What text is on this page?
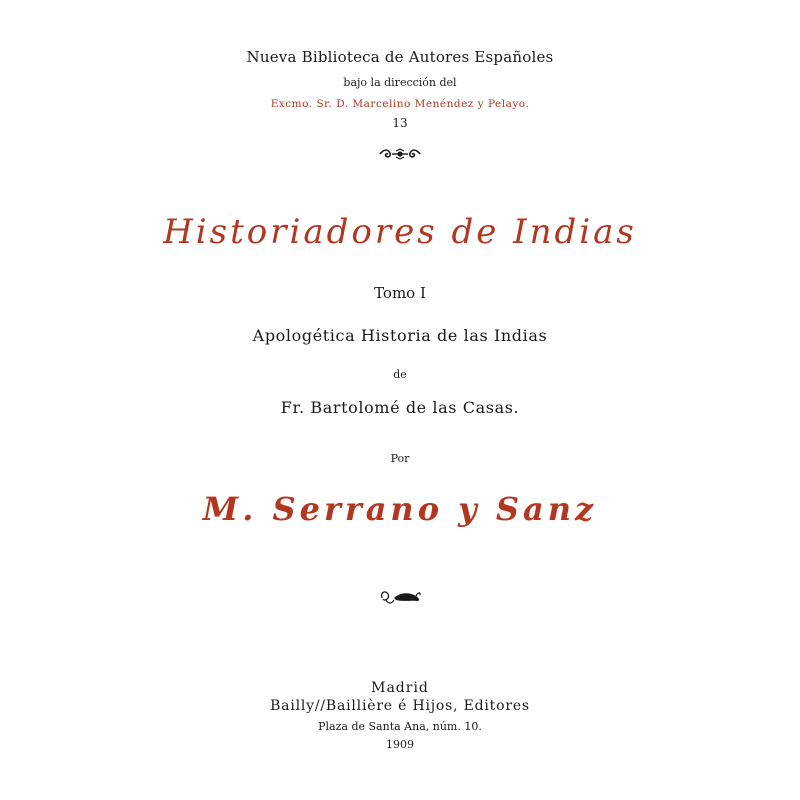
Nueva Biblioteca de Autores Españoles
bajo la dirección del
Excmo. Sr. D. Marcelino Menéndez y Pelayo.
13
Historiadores de Indias
Tomo I
Apologética Historia de las Indias
de
Fr. Bartolomé de las Casas.
Por
M. Serrano y Sanz
Madrid
Bailly//Baillière é Hijos, Editores
Plaza de Santa Ana, núm. 10.
1909
